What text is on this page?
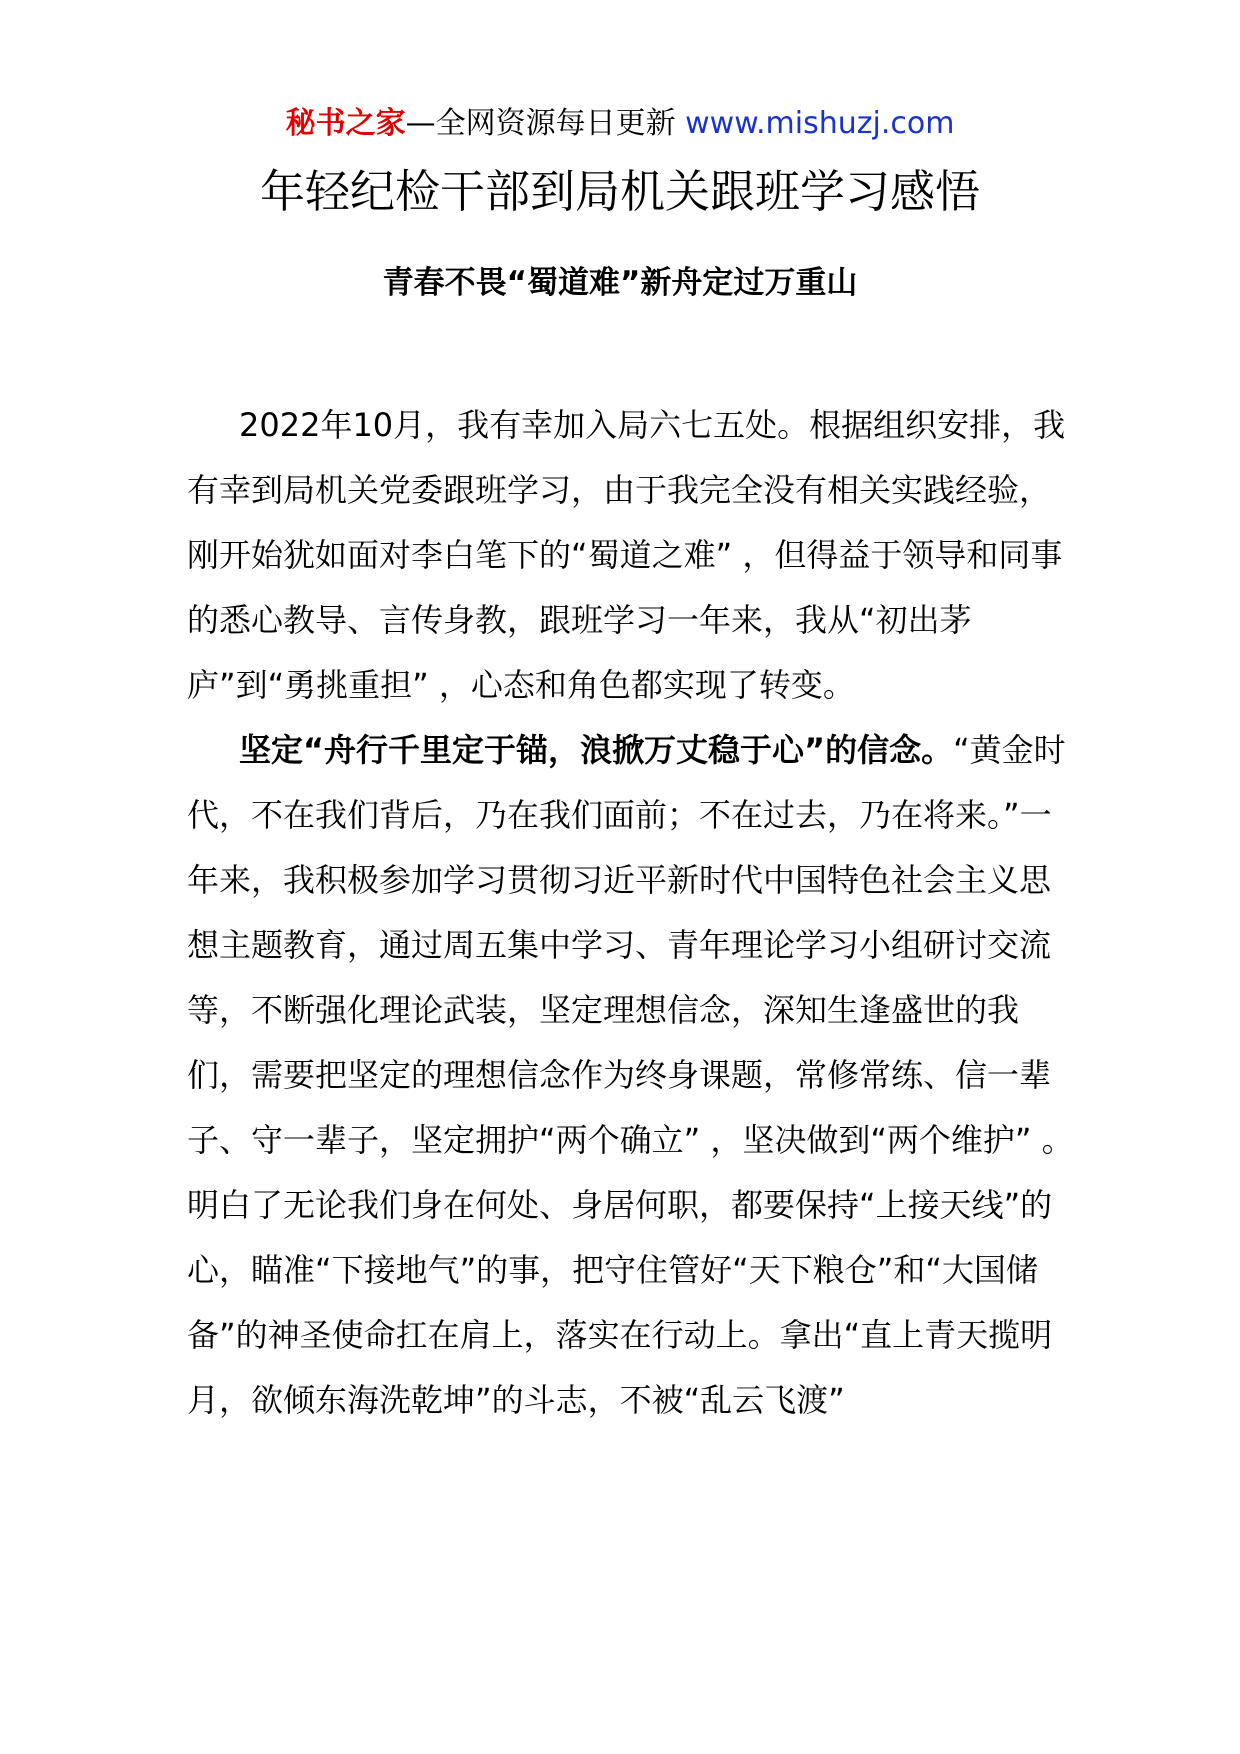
秘书之家—全网资源每日更新 www.mishuzj.com
年轻纪检干部到局机关跟班学习感悟
青春不畏“蜀道难”新舟定过万重山

2022年10月，我有幸加入局六七五处。根据组织安排，我有幸到局机关党委跟班学习，由于我完全没有相关实践经验，刚开始犹如面对李白笔下的“蜀道之难” ，但得益于领导和同事的悉心教导、言传身教，跟班学习一年来，我从“初出茅庐”到“勇挑重担” ，心态和角色都实现了转变。

坚定“舟行千里定于锚，浪掀万丈稳于心”的信念。“黄金时代，不在我们背后，乃在我们面前；不在过去，乃在将来。”一年来，我积极参加学习贯彻习近平新时代中国特色社会主义思想主题教育，通过周五集中学习、青年理论学习小组研讨交流等，不断强化理论武装，坚定理想信念，深知生逢盛世的我们，需要把坚定的理想信念作为终身课题，常修常练、信一辈子、守一辈子，坚定拥护“两个确立” ，坚决做到“两个维护” 。明白了无论我们身在何处、身居何职，都要保持“上接天线”的心，瞄准“下接地气”的事，把守住管好“天下粮仓”和“大国储备”的神圣使命扛在肩上，落实在行动上。拿出“直上青天揽明月，欲倾东海洗乾坤”的斗志，不被“乱云飞渡”
